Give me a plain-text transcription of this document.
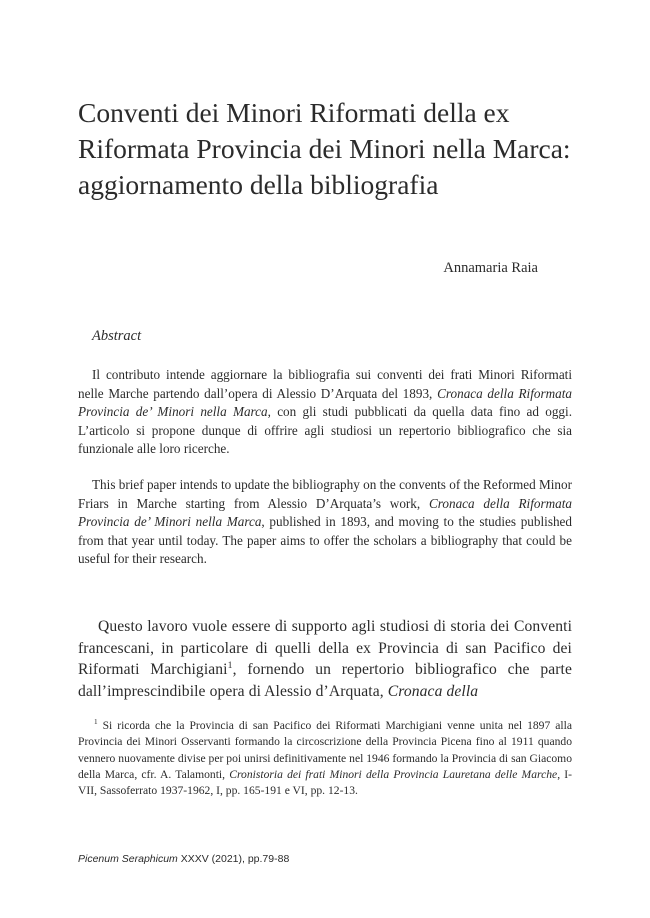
Conventi dei Minori Riformati della ex Riformata Provincia dei Minori nella Marca: aggiornamento della bibliografia
Annamaria Raia
Abstract

Il contributo intende aggiornare la bibliografia sui conventi dei frati Minori Riformati nelle Marche partendo dall’opera di Alessio D’Arquata del 1893, Cronaca della Riformata Provincia de’ Minori nella Marca, con gli studi pubblicati da quella data fino ad oggi. L’articolo si propone dunque di offrire agli studiosi un repertorio bibliografico che sia funzionale alle loro ricerche.

This brief paper intends to update the bibliography on the convents of the Reformed Minor Friars in Marche starting from Alessio D’Arquata’s work, Cronaca della Riformata Provincia de’ Minori nella Marca, published in 1893, and moving to the studies published from that year until today. The paper aims to offer the scholars a bibliography that could be useful for their research.

Questo lavoro vuole essere di supporto agli studiosi di storia dei Conventi francescani, in particolare di quelli della ex Provincia di san Pacifico dei Riformati Marchigiani$^1$, fornendo un repertorio bibliografico che parte dall’imprescindibile opera di Alessio d’Arquata, Cronaca della

$^1$ Si ricorda che la Provincia di san Pacifico dei Riformati Marchigiani venne unita nel 1897 alla Provincia dei Minori Osservanti formando la circoscrizione della Provincia Picena fino al 1911 quando vennero nuovamente divise per poi unirsi definitivamente nel 1946 formando la Provincia di san Giacomo della Marca, cfr. A. Talamonti, Cronistoria dei frati Minori della Provincia Lauretana delle Marche, I-VII, Sassoferrato 1937-1962, I, pp. 165-191 e VI, pp. 12-13.

Picenum Seraphicum XXXV (2021), pp.79-88
